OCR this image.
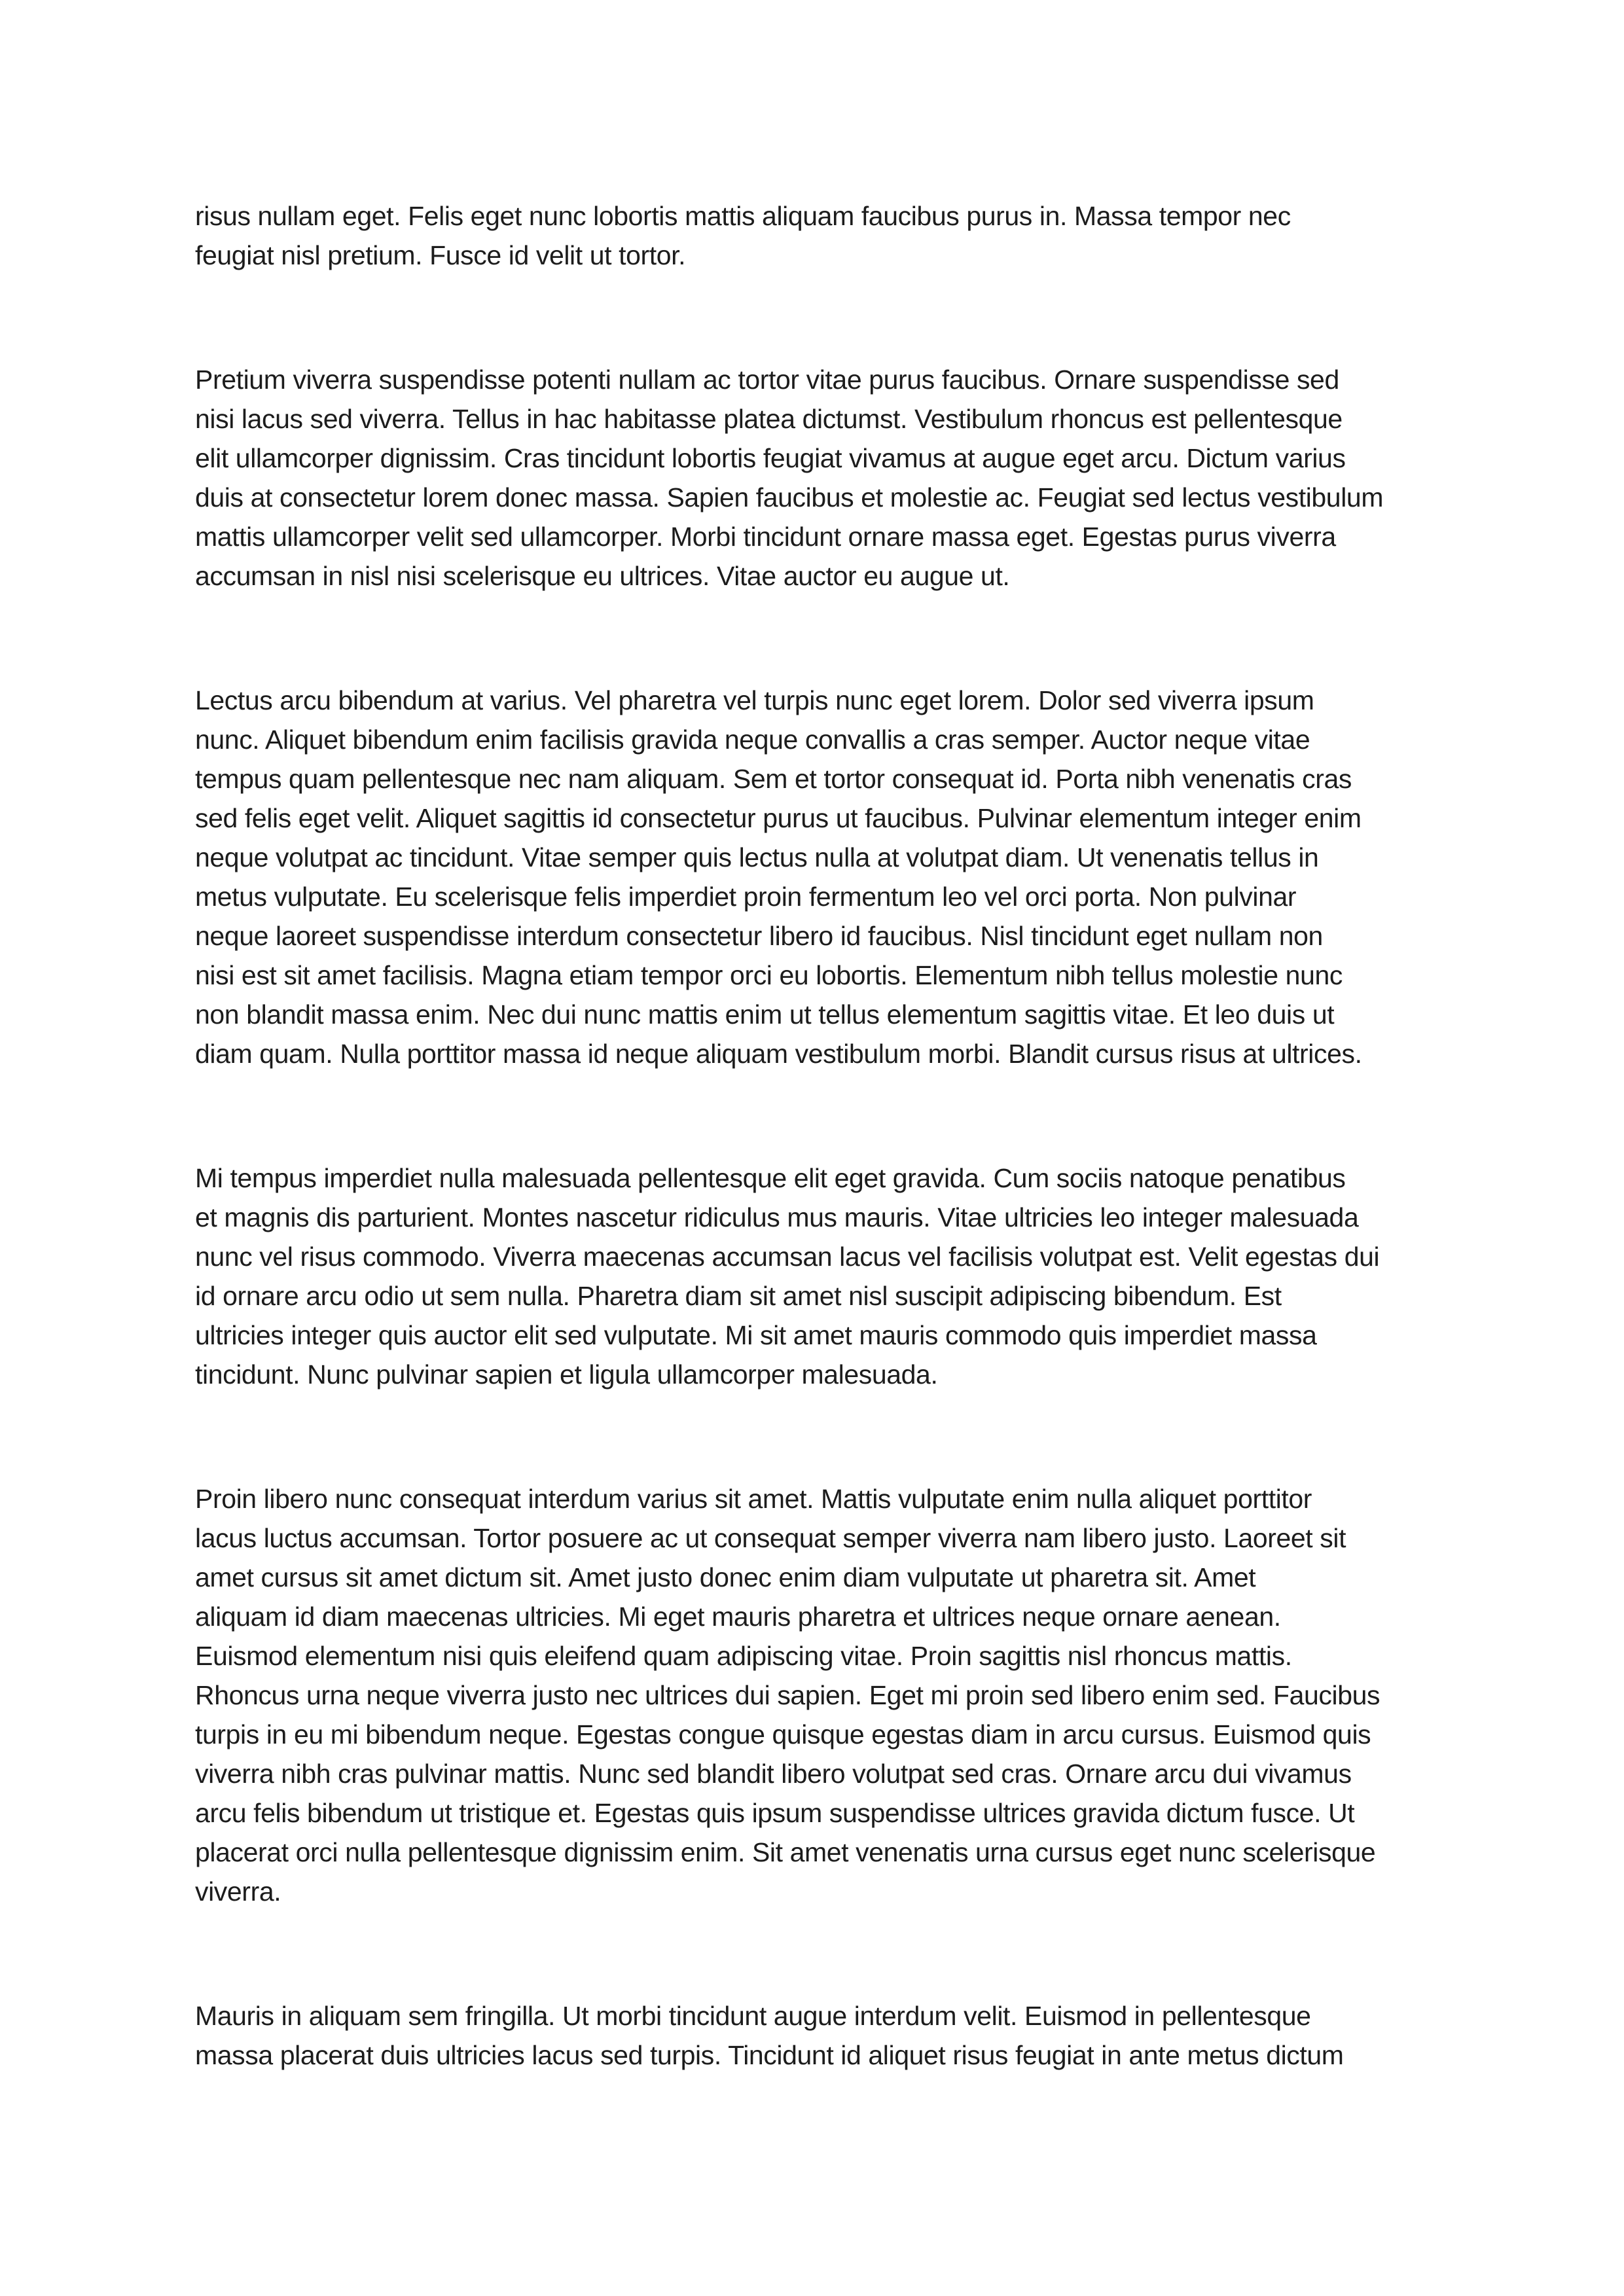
risus nullam eget. Felis eget nunc lobortis mattis aliquam faucibus purus in. Massa tempor nec
feugiat nisl pretium. Fusce id velit ut tortor.
Pretium viverra suspendisse potenti nullam ac tortor vitae purus faucibus. Ornare suspendisse sed
nisi lacus sed viverra. Tellus in hac habitasse platea dictumst. Vestibulum rhoncus est pellentesque
elit ullamcorper dignissim. Cras tincidunt lobortis feugiat vivamus at augue eget arcu. Dictum varius
duis at consectetur lorem donec massa. Sapien faucibus et molestie ac. Feugiat sed lectus vestibulum
mattis ullamcorper velit sed ullamcorper. Morbi tincidunt ornare massa eget. Egestas purus viverra
accumsan in nisl nisi scelerisque eu ultrices. Vitae auctor eu augue ut.
Lectus arcu bibendum at varius. Vel pharetra vel turpis nunc eget lorem. Dolor sed viverra ipsum
nunc. Aliquet bibendum enim facilisis gravida neque convallis a cras semper. Auctor neque vitae
tempus quam pellentesque nec nam aliquam. Sem et tortor consequat id. Porta nibh venenatis cras
sed felis eget velit. Aliquet sagittis id consectetur purus ut faucibus. Pulvinar elementum integer enim
neque volutpat ac tincidunt. Vitae semper quis lectus nulla at volutpat diam. Ut venenatis tellus in
metus vulputate. Eu scelerisque felis imperdiet proin fermentum leo vel orci porta. Non pulvinar
neque laoreet suspendisse interdum consectetur libero id faucibus. Nisl tincidunt eget nullam non
nisi est sit amet facilisis. Magna etiam tempor orci eu lobortis. Elementum nibh tellus molestie nunc
non blandit massa enim. Nec dui nunc mattis enim ut tellus elementum sagittis vitae. Et leo duis ut
diam quam. Nulla porttitor massa id neque aliquam vestibulum morbi. Blandit cursus risus at ultrices.
Mi tempus imperdiet nulla malesuada pellentesque elit eget gravida. Cum sociis natoque penatibus
et magnis dis parturient. Montes nascetur ridiculus mus mauris. Vitae ultricies leo integer malesuada
nunc vel risus commodo. Viverra maecenas accumsan lacus vel facilisis volutpat est. Velit egestas dui
id ornare arcu odio ut sem nulla. Pharetra diam sit amet nisl suscipit adipiscing bibendum. Est
ultricies integer quis auctor elit sed vulputate. Mi sit amet mauris commodo quis imperdiet massa
tincidunt. Nunc pulvinar sapien et ligula ullamcorper malesuada.
Proin libero nunc consequat interdum varius sit amet. Mattis vulputate enim nulla aliquet porttitor
lacus luctus accumsan. Tortor posuere ac ut consequat semper viverra nam libero justo. Laoreet sit
amet cursus sit amet dictum sit. Amet justo donec enim diam vulputate ut pharetra sit. Amet
aliquam id diam maecenas ultricies. Mi eget mauris pharetra et ultrices neque ornare aenean.
Euismod elementum nisi quis eleifend quam adipiscing vitae. Proin sagittis nisl rhoncus mattis.
Rhoncus urna neque viverra justo nec ultrices dui sapien. Eget mi proin sed libero enim sed. Faucibus
turpis in eu mi bibendum neque. Egestas congue quisque egestas diam in arcu cursus. Euismod quis
viverra nibh cras pulvinar mattis. Nunc sed blandit libero volutpat sed cras. Ornare arcu dui vivamus
arcu felis bibendum ut tristique et. Egestas quis ipsum suspendisse ultrices gravida dictum fusce. Ut
placerat orci nulla pellentesque dignissim enim. Sit amet venenatis urna cursus eget nunc scelerisque
viverra.
Mauris in aliquam sem fringilla. Ut morbi tincidunt augue interdum velit. Euismod in pellentesque
massa placerat duis ultricies lacus sed turpis. Tincidunt id aliquet risus feugiat in ante metus dictum
